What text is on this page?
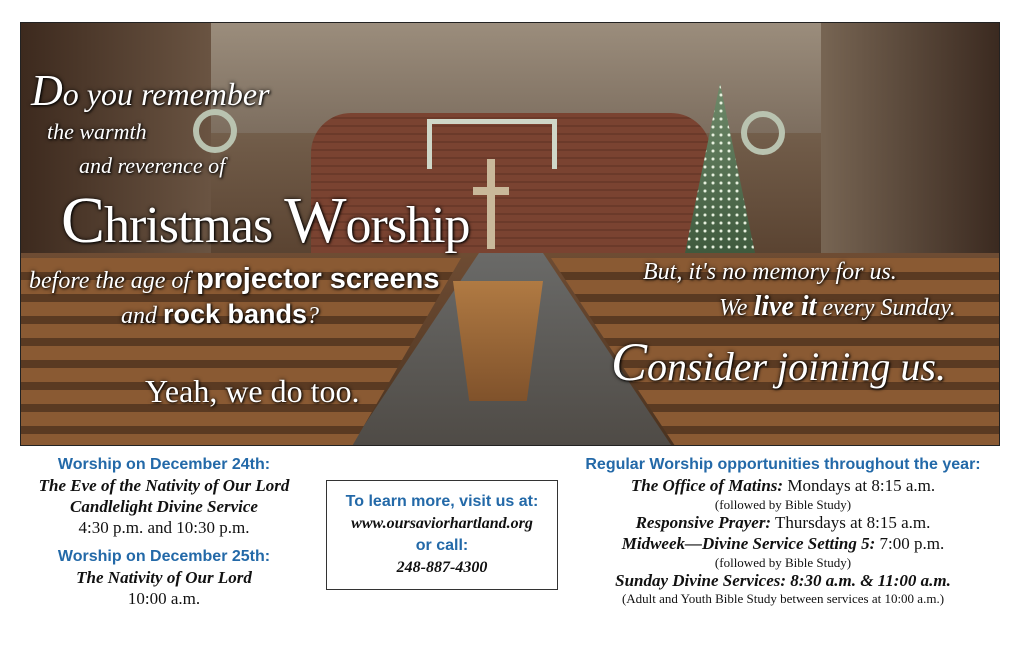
Do you remember

the warmth

and reverence of

Christmas Worship

before the age of projector screens

and rock bands?

Yeah, we do too.

But, it's no memory for us.

We live it every Sunday.

Consider joining us.

Worship on December 24th:
The Eve of the Nativity of Our Lord
Candlelight Divine Service
4:30 p.m. and 10:30 p.m.
Worship on December 25th:
The Nativity of Our Lord
10:00 a.m.
To learn more, visit us at:
www.oursaviorhartland.org
or call:
248-887-4300
Regular Worship opportunities throughout the year:
The Office of Matins: Mondays at 8:15 a.m.
(followed by Bible Study)
Responsive Prayer: Thursdays at 8:15 a.m.
Midweek—Divine Service Setting 5: 7:00 p.m.
(followed by Bible Study)
Sunday Divine Services: 8:30 a.m. & 11:00 a.m.
(Adult and Youth Bible Study between services at 10:00 a.m.)
